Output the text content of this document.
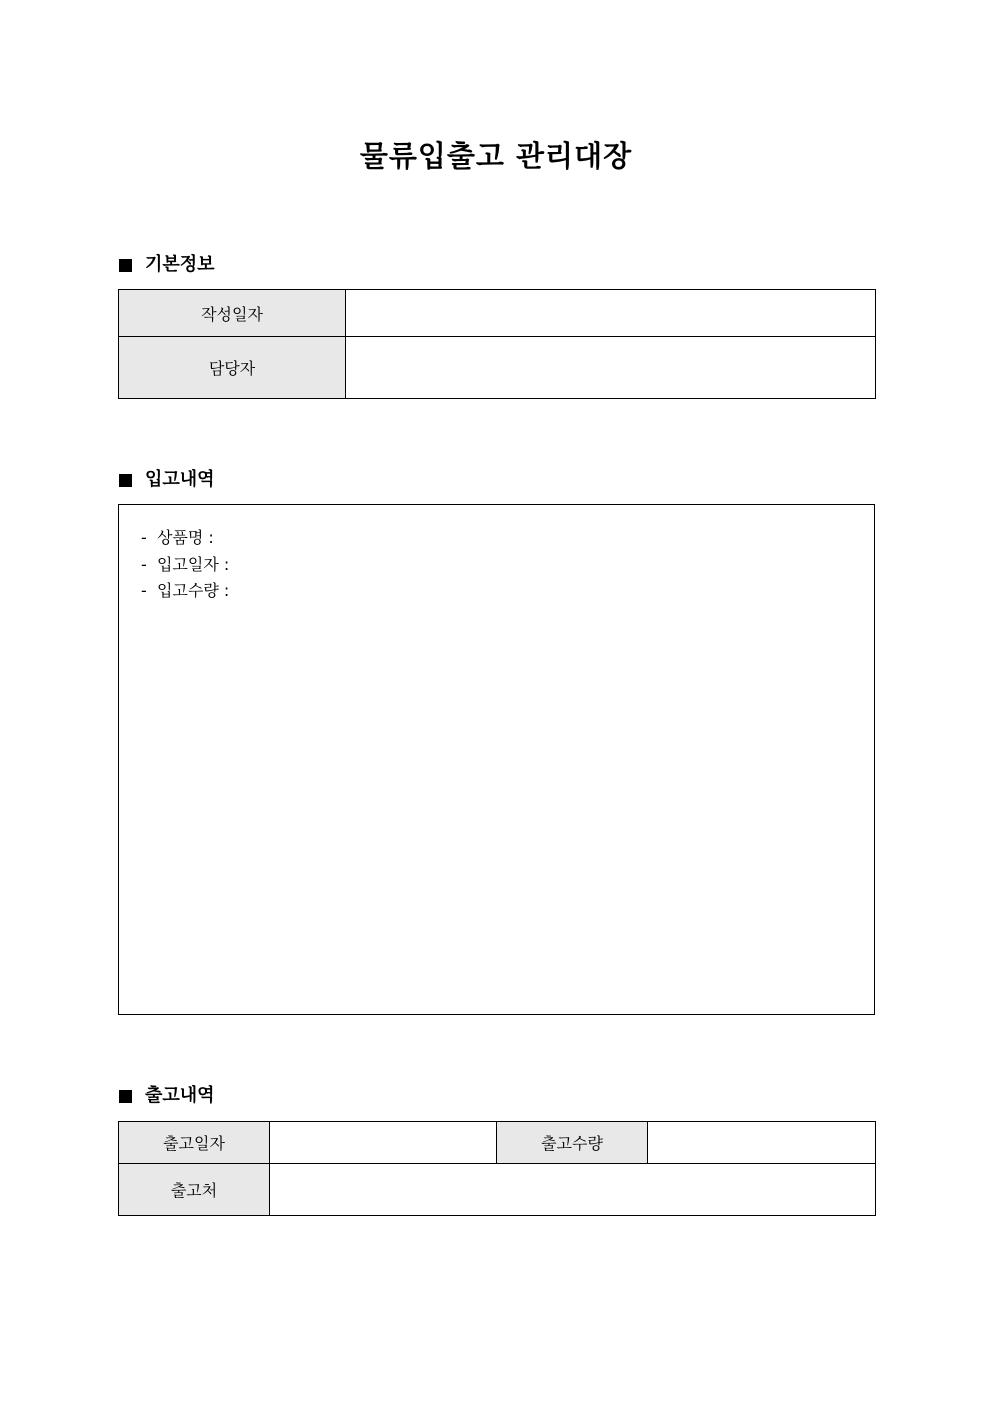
물류입출고 관리대장
기본정보
작성일자	
담당자	
입고내역
-  상품명 :
-  입고일자 :
-  입고수량 :
출고내역
출고일자		출고수량	
출고처			
